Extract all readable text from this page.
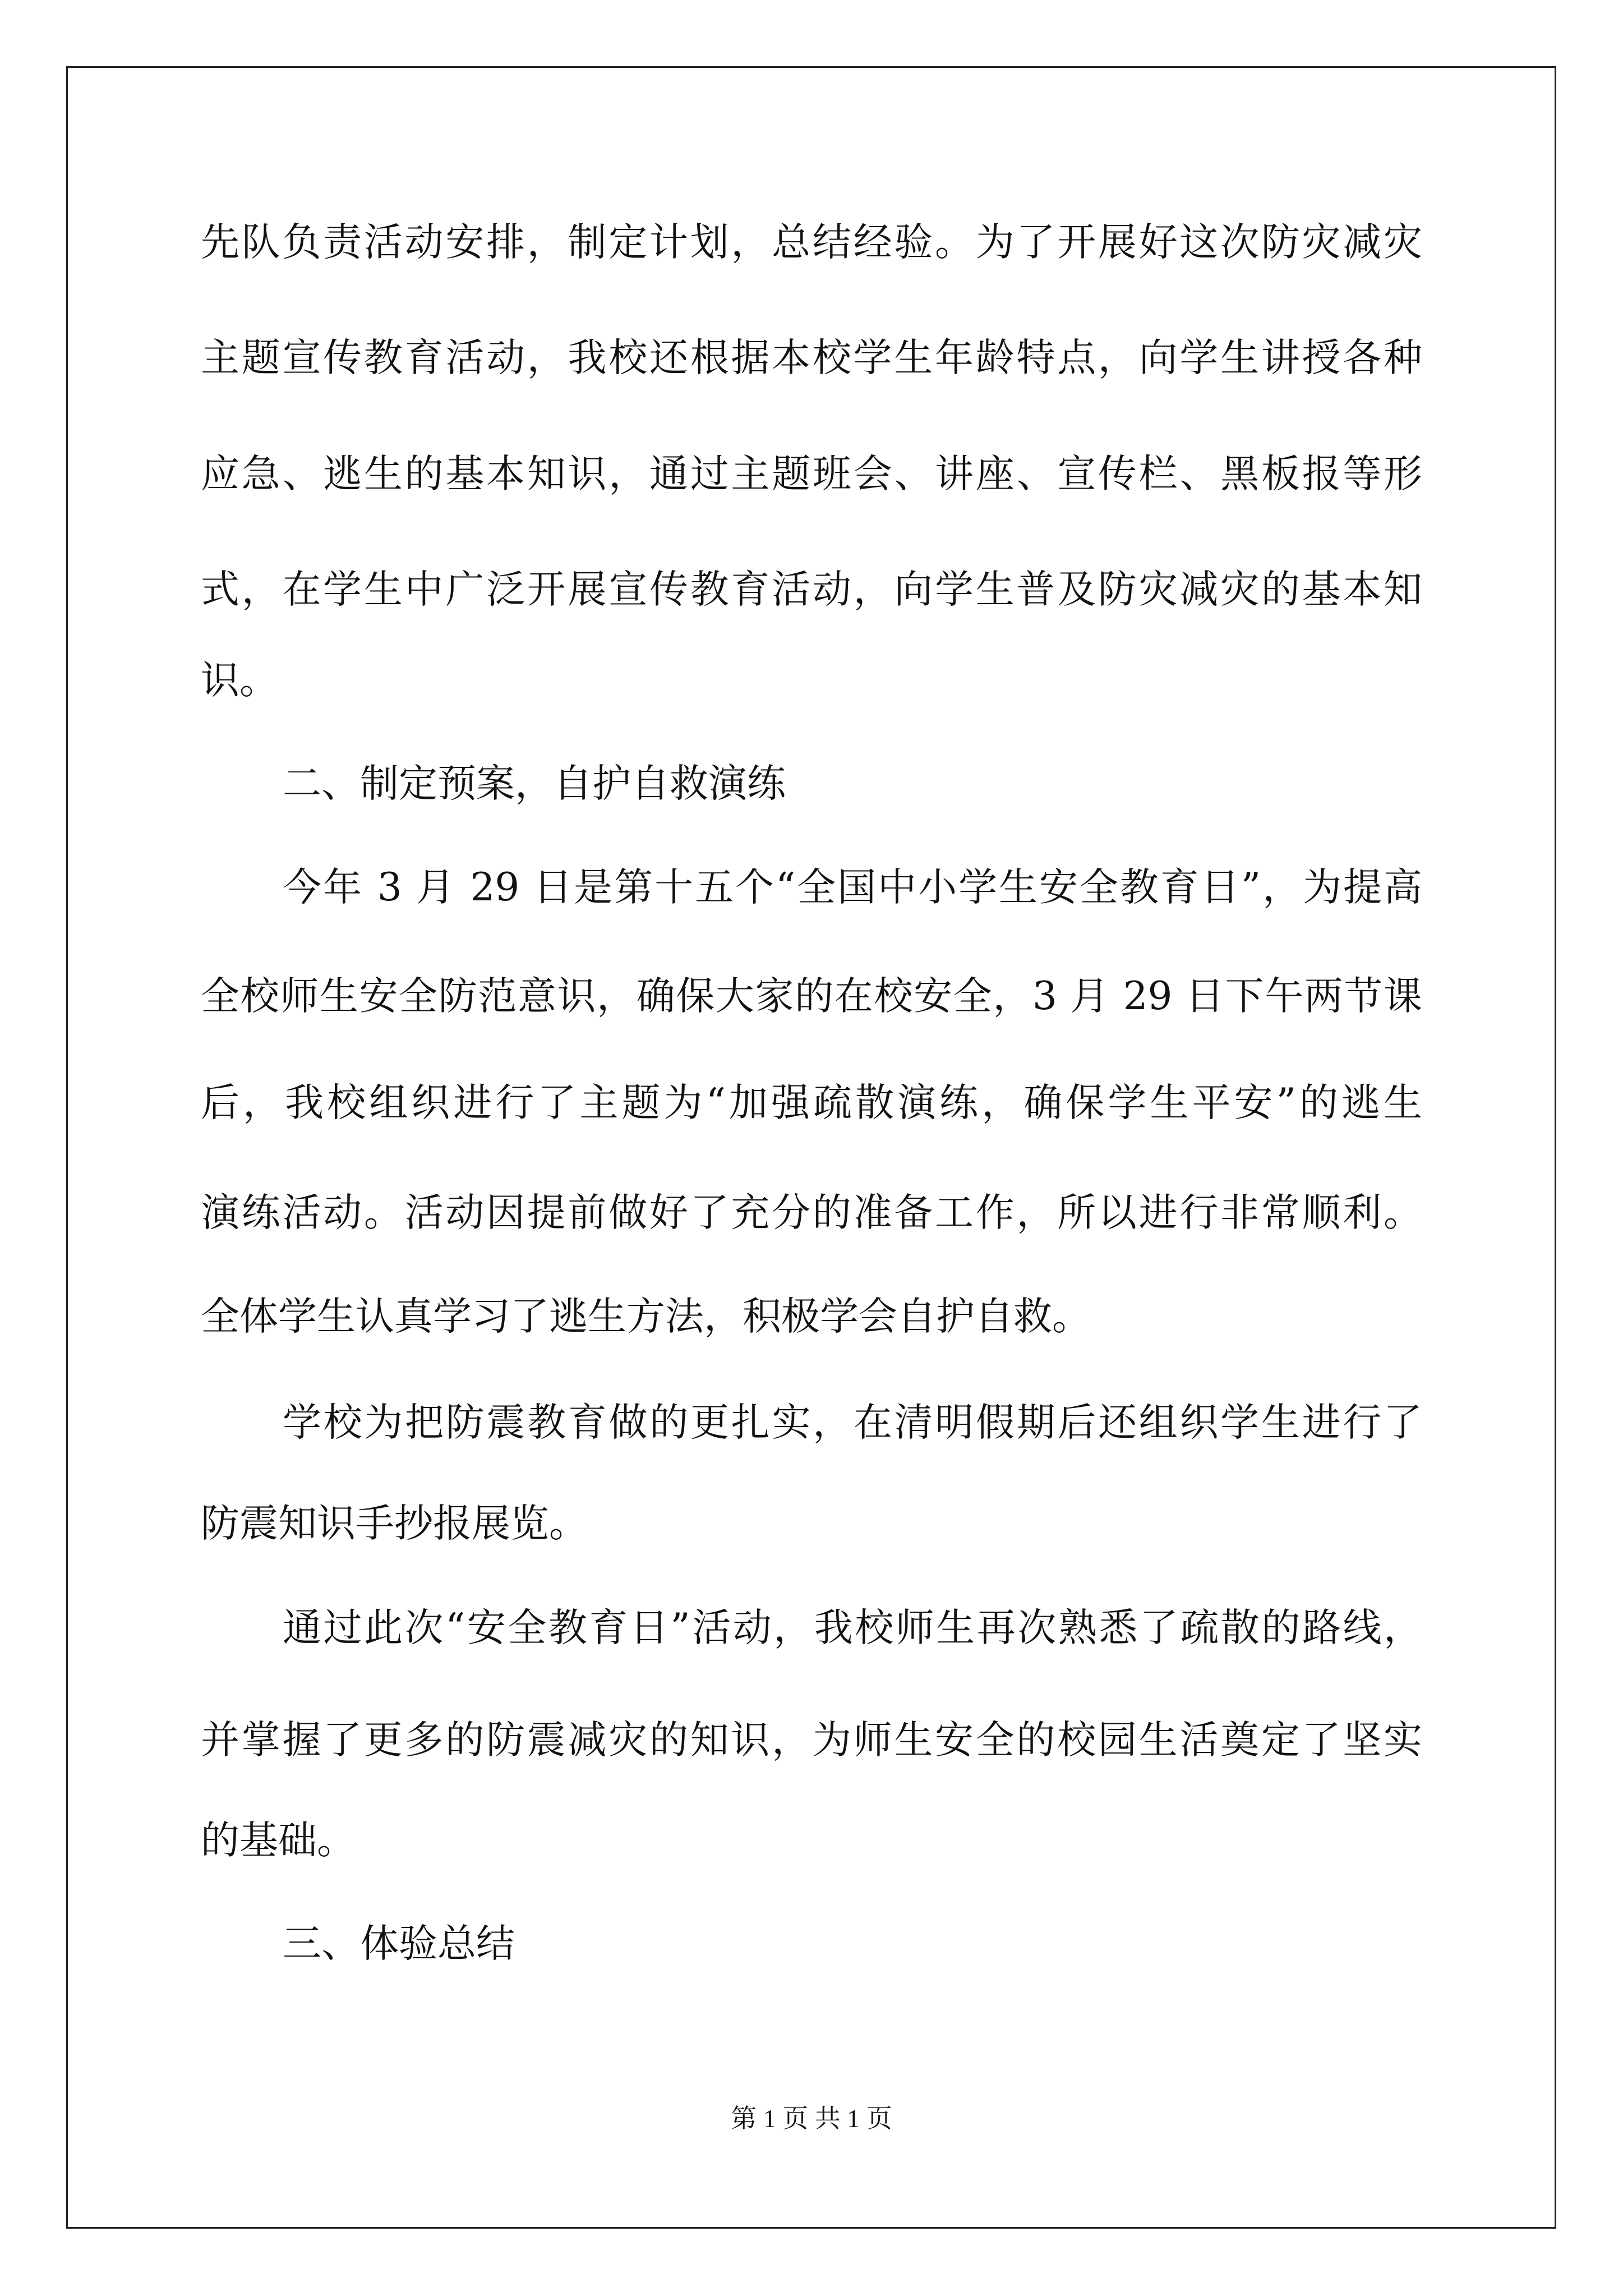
先队负责活动安排，制定计划，总结经验。为了开展好这次防灾减灾
主题宣传教育活动，我校还根据本校学生年龄特点，向学生讲授各种
应急、逃生的基本知识，通过主题班会、讲座、宣传栏、黑板报等形
式，在学生中广泛开展宣传教育活动，向学生普及防灾减灾的基本知
识。
二、制定预案，自护自救演练
今年 3 月 29 日是第十五个“全国中小学生安全教育日”，为提高
全校师生安全防范意识，确保大家的在校安全，3 月 29 日下午两节课
后，我校组织进行了主题为“加强疏散演练，确保学生平安”的逃生
演练活动。活动因提前做好了充分的准备工作，所以进行非常顺利。
全体学生认真学习了逃生方法，积极学会自护自救。
学校为把防震教育做的更扎实，在清明假期后还组织学生进行了
防震知识手抄报展览。
通过此次“安全教育日”活动，我校师生再次熟悉了疏散的路线，
并掌握了更多的防震减灾的知识，为师生安全的校园生活奠定了坚实
的基础。
三、体验总结
第 1 页 共 1 页
